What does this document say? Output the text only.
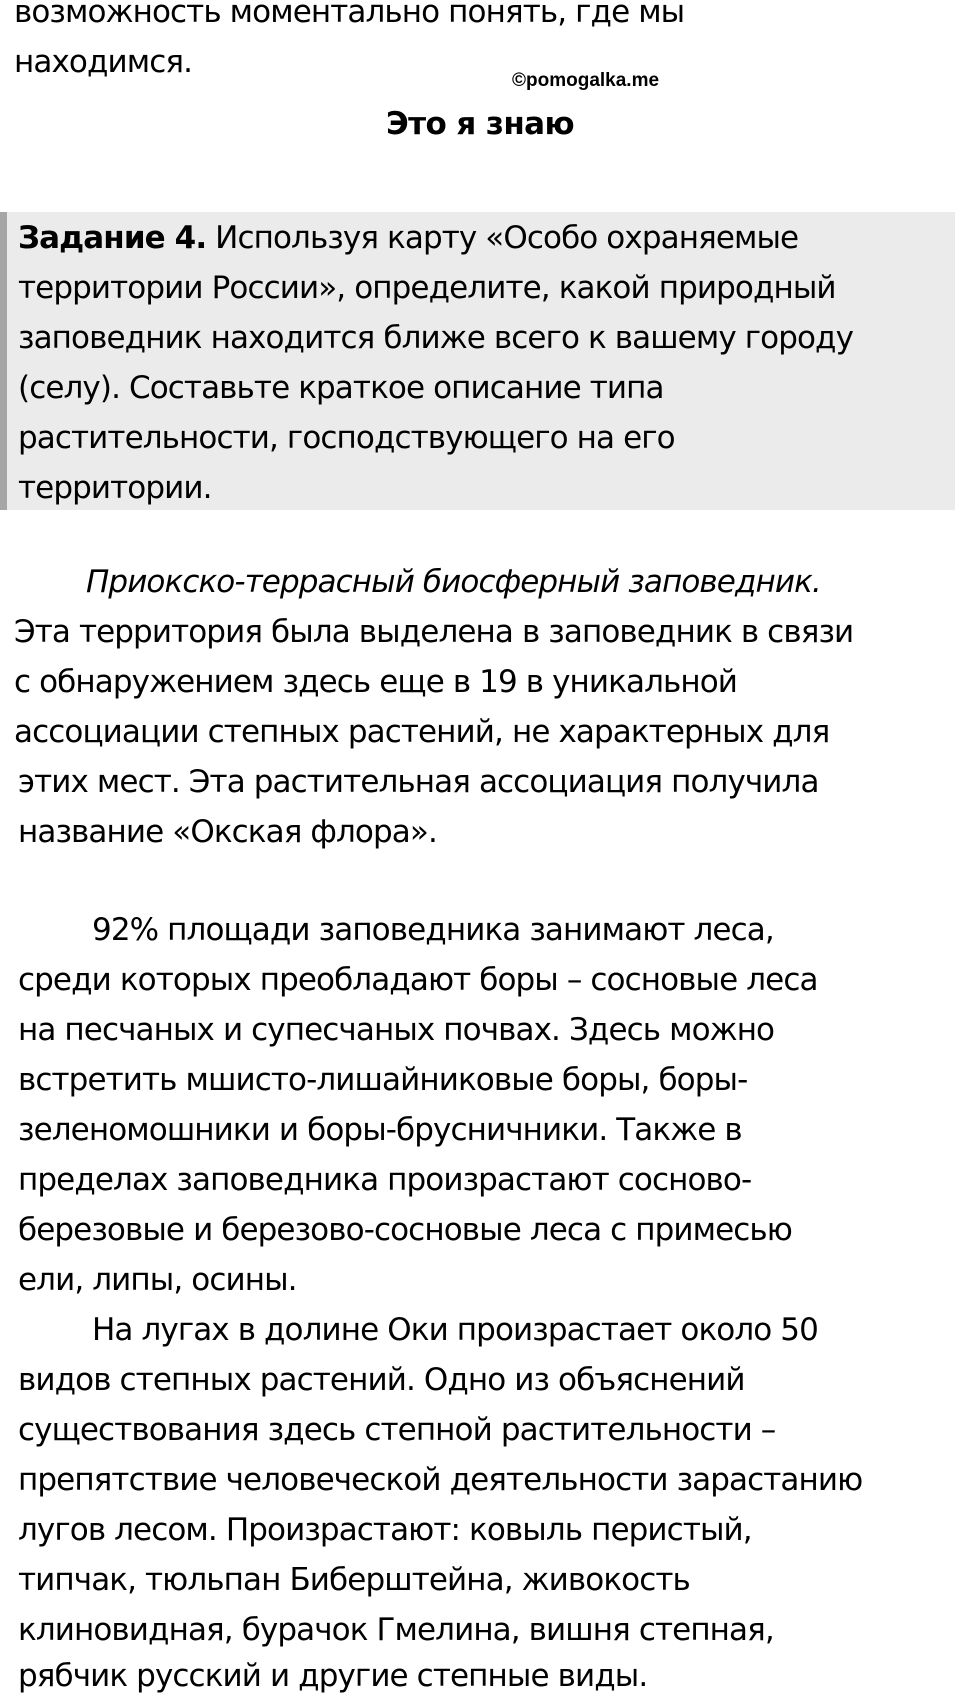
возможность моментально понять, где мы
находимся.
©pomogalka.me
Это я знаю
Задание 4. Используя карту «Особо охраняемые
территории России», определите, какой природный
заповедник находится ближе всего к вашему городу
(селу). Составьте краткое описание типа
растительности, господствующего на его
территории.
Приокско-террасный биосферный заповедник.
Эта территория была выделена в заповедник в связи
с обнаружением здесь еще в 19 в уникальной
ассоциации степных растений, не характерных для
этих мест. Эта растительная ассоциация получила
название «Окская флора».
92% площади заповедника занимают леса,
среди которых преобладают боры – сосновые леса
на песчаных и супесчаных почвах. Здесь можно
встретить мшисто-лишайниковые боры, боры-
зеленомошники и боры-брусничники. Также в
пределах заповедника произрастают сосново-
березовые и березово-сосновые леса с примесью
ели, липы, осины.
На лугах в долине Оки произрастает около 50
видов степных растений. Одно из объяснений
существования здесь степной растительности –
препятствие человеческой деятельности зарастанию
лугов лесом. Произрастают: ковыль перистый,
типчак, тюльпан Биберштейна, живокость
клиновидная, бурачок Гмелина, вишня степная,
рябчик русский и другие степные виды.
